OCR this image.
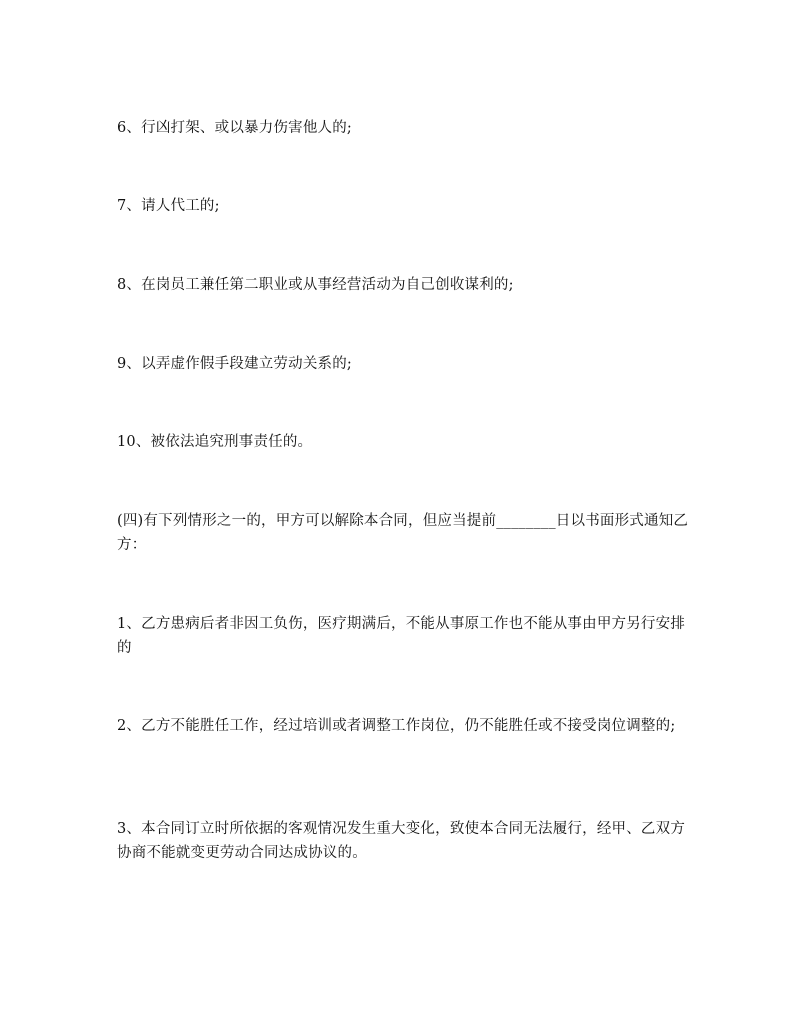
6、行凶打架、或以暴力伤害他人的;

7、请人代工的;

8、在岗员工兼任第二职业或从事经营活动为自己创收谋利的;

9、以弄虚作假手段建立劳动关系的;

10、被依法追究刑事责任的。

(四)有下列情形之一的，甲方可以解除本合同，但应当提前________日以书面形式通知乙方：

1、乙方患病后者非因工负伤，医疗期满后，不能从事原工作也不能从事由甲方另行安排的

2、乙方不能胜任工作，经过培训或者调整工作岗位，仍不能胜任或不接受岗位调整的;

3、本合同订立时所依据的客观情况发生重大变化，致使本合同无法履行，经甲、乙双方协商不能就变更劳动合同达成协议的。
